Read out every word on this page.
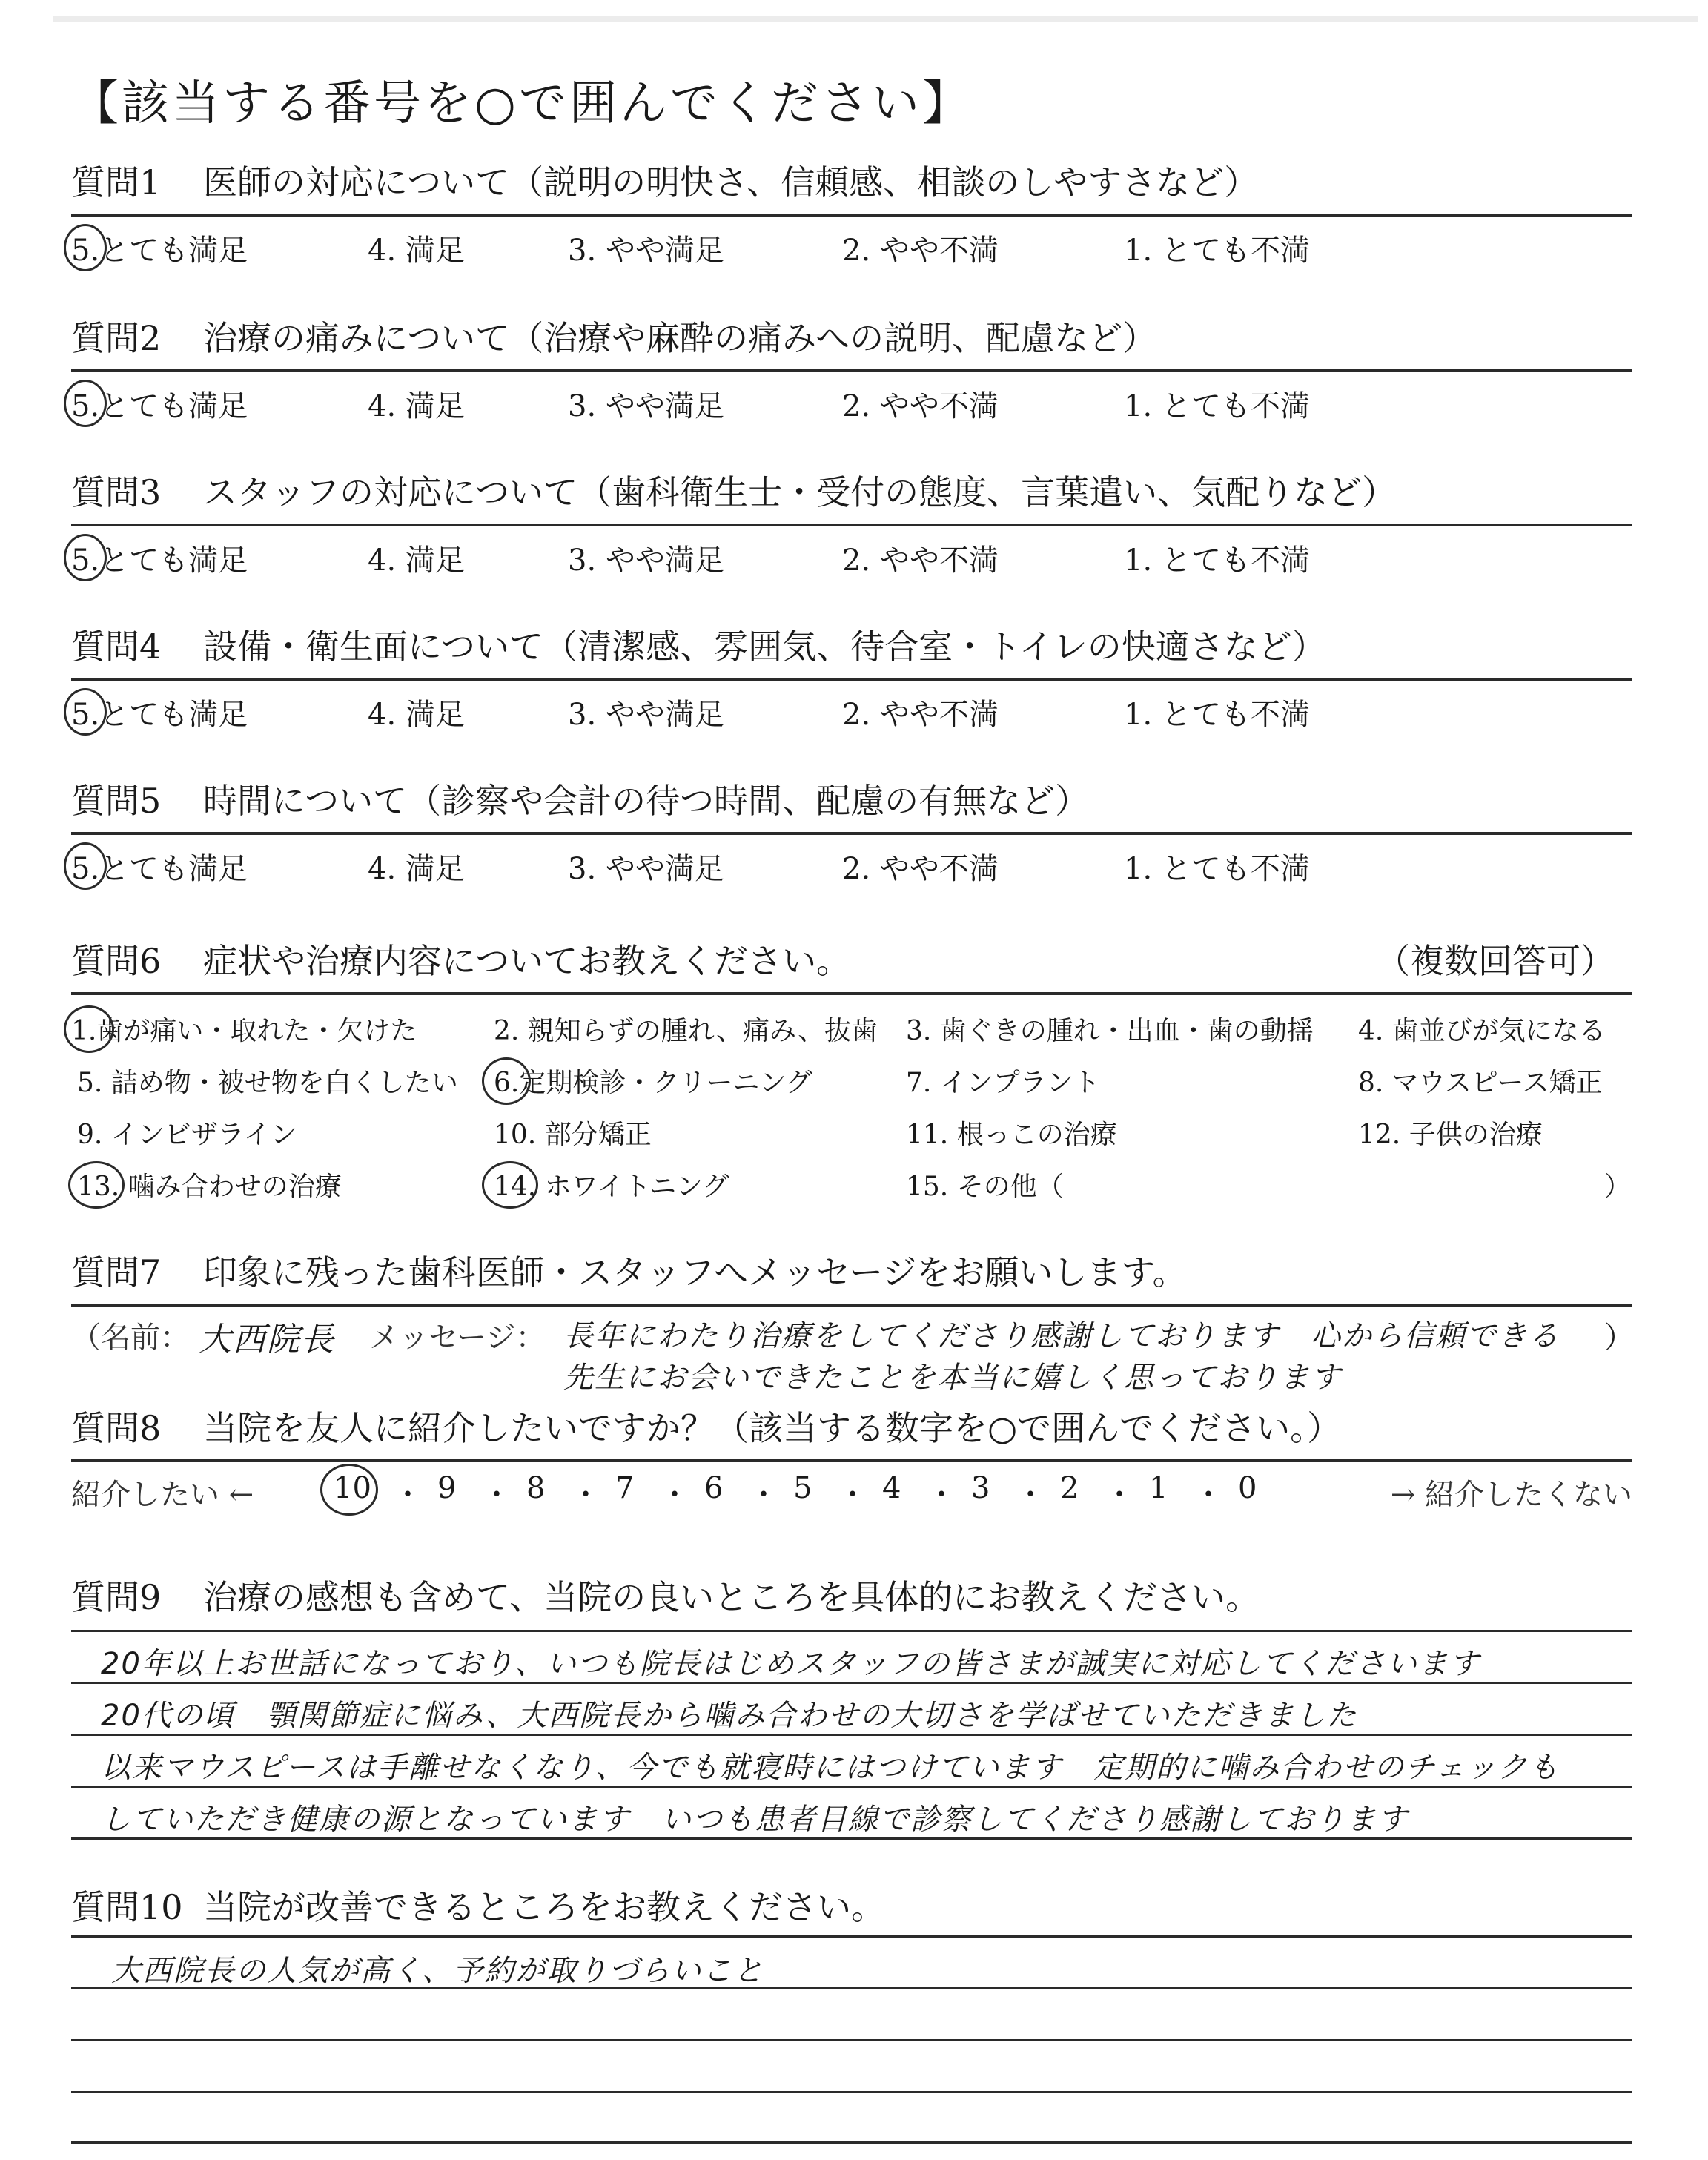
【該当する番号を○で囲んでください】
質問1 医師の対応について（説明の明快さ、信頼感、相談のしやすさなど）
5.とても満足	4. 満足	3. やや満足	2. やや不満	1. とても不満
質問2 治療の痛みについて（治療や麻酔の痛みへの説明、配慮など）
5.とても満足	4. 満足	3. やや満足	2. やや不満	1. とても不満
質問3 スタッフの対応について（歯科衛生士・受付の態度、言葉遣い、気配りなど）
5.とても満足	4. 満足	3. やや満足	2. やや不満	1. とても不満
質問4 設備・衛生面について（清潔感、雰囲気、待合室・トイレの快適さなど）
5.とても満足	4. 満足	3. やや満足	2. やや不満	1. とても不満
質問5 時間について（診察や会計の待つ時間、配慮の有無など）
5.とても満足	4. 満足	3. やや満足	2. やや不満	1. とても不満
質問6 症状や治療内容についてお教えください。	（複数回答可）
1.歯が痛い・取れた・欠けた	2. 親知らずの腫れ、痛み、抜歯 3. 歯ぐきの腫れ・出血・歯の動揺 4. 歯並びが気になる
5. 詰め物・被せ物を白くしたい 6.定期検診・クリーニング	7. インプラント	8. マウスピース矯正
9. インビザライン	10. 部分矯正	11. 根っこの治療	12. 子供の治療
13. 噛み合わせの治療	14. ホワイトニング	15. その他（	）
質問7 印象に残った歯科医師・スタッフへメッセージをお願いします。
（名前： 大西院長 メッセージ： 長年にわたり治療をしてくださり感謝しております　心から信頼できる
先生にお会いできたことを本当に嬉しく思っております
）
質問8 当院を友人に紹介したいですか？（該当する数字を○で囲んでください。）
紹介したい ←	→ 紹介したくない
10 ・ 9 ・ 8 ・ 7 ・ 6 ・ 5 ・ 4 ・ 3 ・ 2 ・ 1 ・ 0
質問9 治療の感想も含めて、当院の良いところを具体的にお教えください。
20年以上お世話になっており、いつも院長はじめスタッフの皆さまが誠実に対応してくださいます
20代の頃　顎関節症に悩み、大西院長から噛み合わせの大切さを学ばせていただきました
以来マウスピースは手離せなくなり、今でも就寝時にはつけています　定期的に噛み合わせのチェックも
していただき健康の源となっています　いつも患者目線で診察してくださり感謝しております
質問10 当院が改善できるところをお教えください。
大西院長の人気が高く、予約が取りづらいこと
